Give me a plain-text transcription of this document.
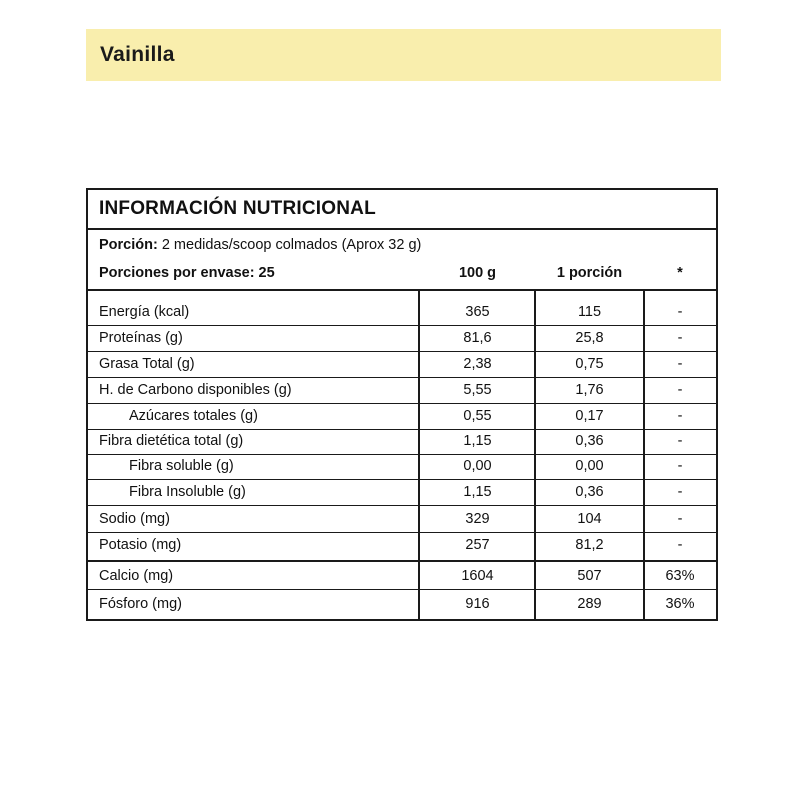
Vainilla
INFORMACIÓN NUTRICIONAL
Porción: 2 medidas/scoop colmados (Aprox 32 g)
Porciones por envase: 25	100 g	1 porción	*
Energía (kcal)	365	115	-
Proteínas (g)	81,6	25,8	-
Grasa Total (g)	2,38	0,75	-
H. de Carbono disponibles (g)	5,55	1,76	-
Azúcares totales (g)	0,55	0,17	-
Fibra dietética total (g)	1,15	0,36	-
Fibra soluble (g)	0,00	0,00	-
Fibra Insoluble (g)	1,15	0,36	-
Sodio (mg)	329	104	-
Potasio (mg)	257	81,2	-
Calcio (mg)	1604	507	63%
Fósforo (mg)	916	289	36%
